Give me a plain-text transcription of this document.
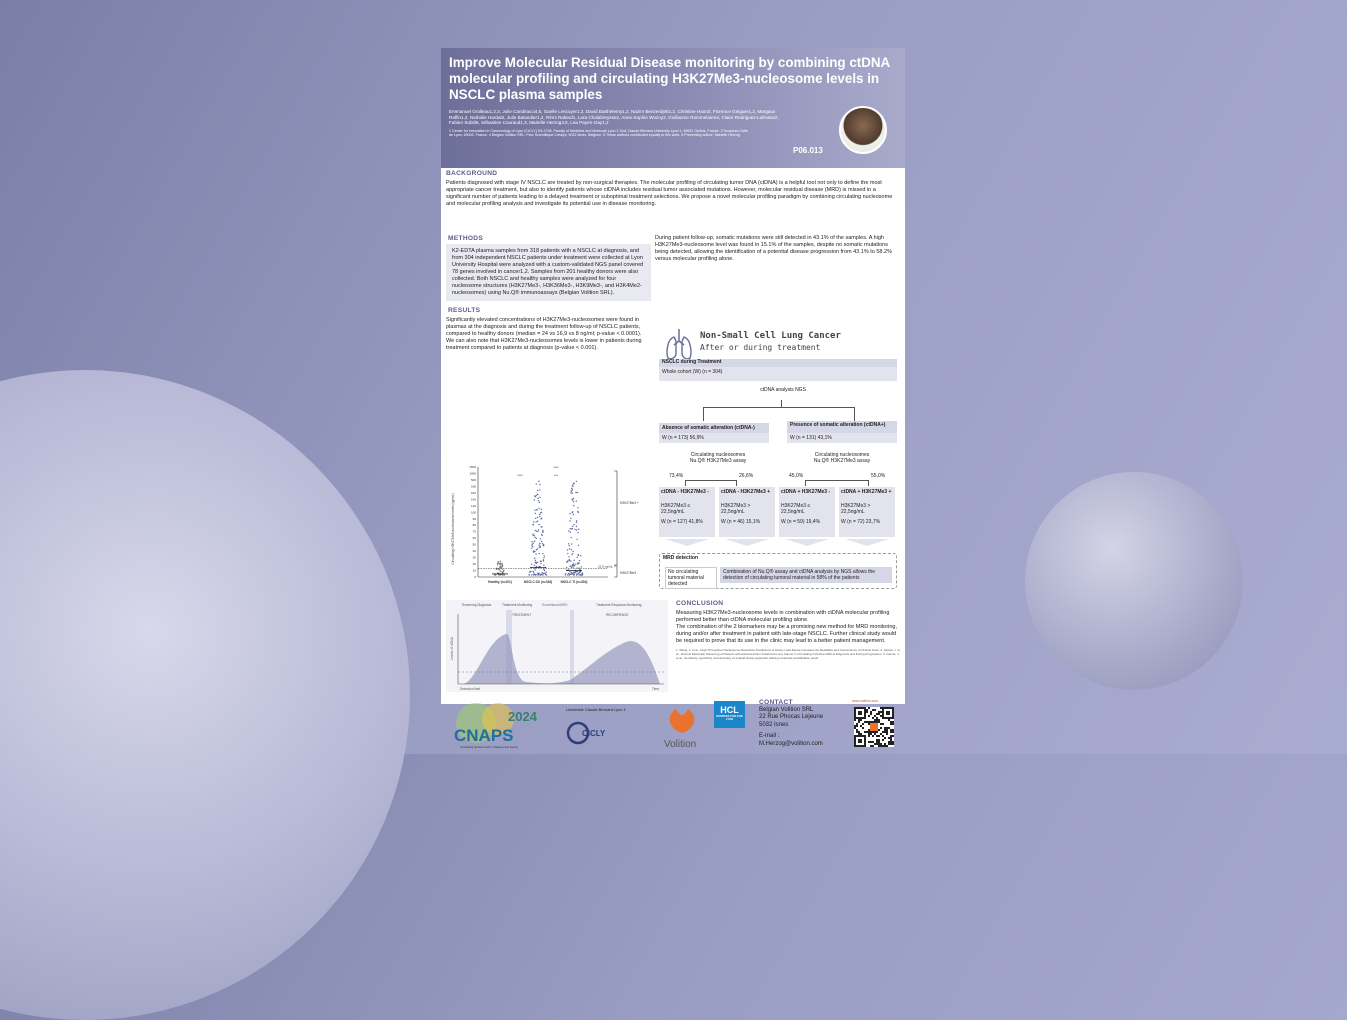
Improve Molecular Residual Disease monitoring by combining ctDNA molecular profiling and circulating H3K27Me3-nucleosome levels in NSCLC plasma samples
Emmanuel Grolleau1,2,3, Julie Candiracci4,5, Gaelle Lescuyer1,2, David Barthelemy1,2, Nazim Benzerdjeb1,2, Christine Haon2, Florence Geiguer1,2, Margaux Raffin1,2, Nathalie Hardat2, Julie Balandier1,2, Rémi Rabeuf1, Lara Chalabreysse2, Anne-Sophie Wozny2, Guillaume Rommelaere4, Claire Rodriguez-Lafrasse2, Fabien Subtil6, Sébastien Couraud1,3, Marielle Herzog4,5, Lea Payen-Gay1,2
1 Center for Innovation in Cancerology of Lyon (CICLY) EA 3738, Faculty of Medicine and Molecule Lyon 1 Sud, Claude Bernard University Lyon 1, 69921 Oullins, France. 2 Hospices Civils de Lyon, 69002, France. 4 Belgian Volition SRL, Parc Scientifique Créalys, 5032 Isnes, Belgium. 5 These authors contributed equally to this work. 6 Presenting author: Marielle Herzog
P06.013
BACKGROUND
Patients diagnosed with stage IV NSCLC are treated by non-surgical therapies. The molecular profiling of circulating tumor DNA (ctDNA) is a helpful tool not only to define the most appropriate cancer treatment, but also to identify patients whose ctDNA includes residual tumor associated mutations. However, molecular residual disease (MRD) is missed in a significant number of patients leading to a delayed treatment or suboptimal treatment selections. We propose a novel molecular profiling paradigm by combining circulating nucleosome and molecular profiling analysis and investigate its potential use in disease monitoring.
METHODS
K2-EDTA plasma samples from 318 patients with a NSCLC at diagnosis, and from 304 independent NSCLC patients under treatment were collected at Lyon University Hospital were analyzed with a custom-validated NGS panel covered 78 genes involved in cancer1,2. Samples from 201 healthy donors were also collected. Both NSCLC and healthy samples were analyzed for four nucleosome structures (H3K27Me3-, H3K36Me3-, H3K9Me3-, and H3K4Me2-nucleosomes) using Nu.Q® immunoassays (Belgian Volition SRL).
RESULTS
Significantly elevated concentrations of H3K27Me3-nucleosomes were found in plasmas at the diagnosis and during the treatment follow-up of NSCLC patients, compared to healthy donors (median = 24 vs 16,9 vs 8 ng/ml; p-value < 0.0001). We can also note that H3K27Me3-nucleosomes levels is lower in patients during treatment compared to patients at diagnosis (p-value < 0.001).
0
10
20
30
40
50
60
70
80
90
100
120
140
160
180
500
1000
1500
Circulating H3K27Me3-nucleosome levels (ng/mL)
Healthy (n=201)	NSCLC DX (n=318)	NSCLC TI (n=304)
22.5 ng/mL
****
****	***
H3K27Me3 +
H3K27Me3 -
During patient follow-up, somatic mutations were still detected in 43.1% of the samples. A high H3K27Me3-nucleosome level was found in 15.1% of the samples, despite no somatic mutations being detected, allowing the identification of a potential disease progression from 43.1% to 58.2% versus molecular profiling alone.
Non-Small Cell Lung Cancer
After or during treatment
NSCLC during Treatment
Whole cohort (W) (n = 304)
ctDNA analysis NGS
Absence of somatic alteration (ctDNA-)
W (n = 173) 56,9%
Presence of somatic alteration (ctDNA+)
W (n = 131) 43,1%
Circulating nucleosomes Nu.Q® H3K27Me3 assay
Circulating nucleosomes Nu.Q® H3K27Me3 assay
73,4%	26,6%	45,0%	55,0%
ctDNA - H3K27Me3 -
H3K27Me3 ≤ 22,5ng/mL
W (n = 127) 41,8%
ctDNA - H3K27Me3 +
H3K27Me3 > 22,5ng/mL
W (n = 46) 15,1%
ctDNA + H3K27Me3 -
H3K27Me3 ≤ 22,5ng/mL
W (n = 59) 19,4%
ctDNA + H3K27Me3 +
H3K27Me3 > 22,5ng/mL
W (n = 72) 23,7%
MRD detection
No circulating tumoral material detected
Combination of Nu.Q® assay and ctDNA analysis by NGS allows the detection of circulating tumoral material in 58% of the patients
Screening Diagnosis	Treatment Monitoring	Surveillance/MRD	Treatment Response Monitoring
TREATMENT	RECURRENCE
Levels of ctDNA
Detection limit	Time
CONCLUSION
Measuring H3K27Me3-nucleosome levels in combination with ctDNA molecular profiling performed better than ctDNA molecular profiling alone.
The combination of the 2 biomarkers may be a promising new method for MRD monitoring, during and/or after treatment in patient with late-stage NSCLC. Further clinical study would be required to prove that its use in the clinic may lead to a better patient management.
1. Wang, L. et al., High-Throughput Nucleosome Resolution Predictions of Heavy Lipid-Dense Increases the Reliability and Convenience of Clinical Tests. 2. Garcia, J. et al., Routine Molecular Screening of Patients with Advanced Non-Small Cell Lung Cancer in Circulating Cell-Free DNA at Diagnosis and During Progression. 3. Garcia, J. et al., Sensitivity, specificity, and accuracy of a liquid biopsy approach utilizing molecular amplification pools.
2024
CNAPS
Circulating Nucleic Acids in Plasma and Serum
Université Claude Bernard Lyon 1
CICLY
Volition
HCL
HOSPICES CIVILS DE LYON
CONTACT
Belgian Volition SRL
22 Rue Phocas Lejeune
5032 Isnes
E-mail :
M.Herzog@volition.com
www.volition.com
